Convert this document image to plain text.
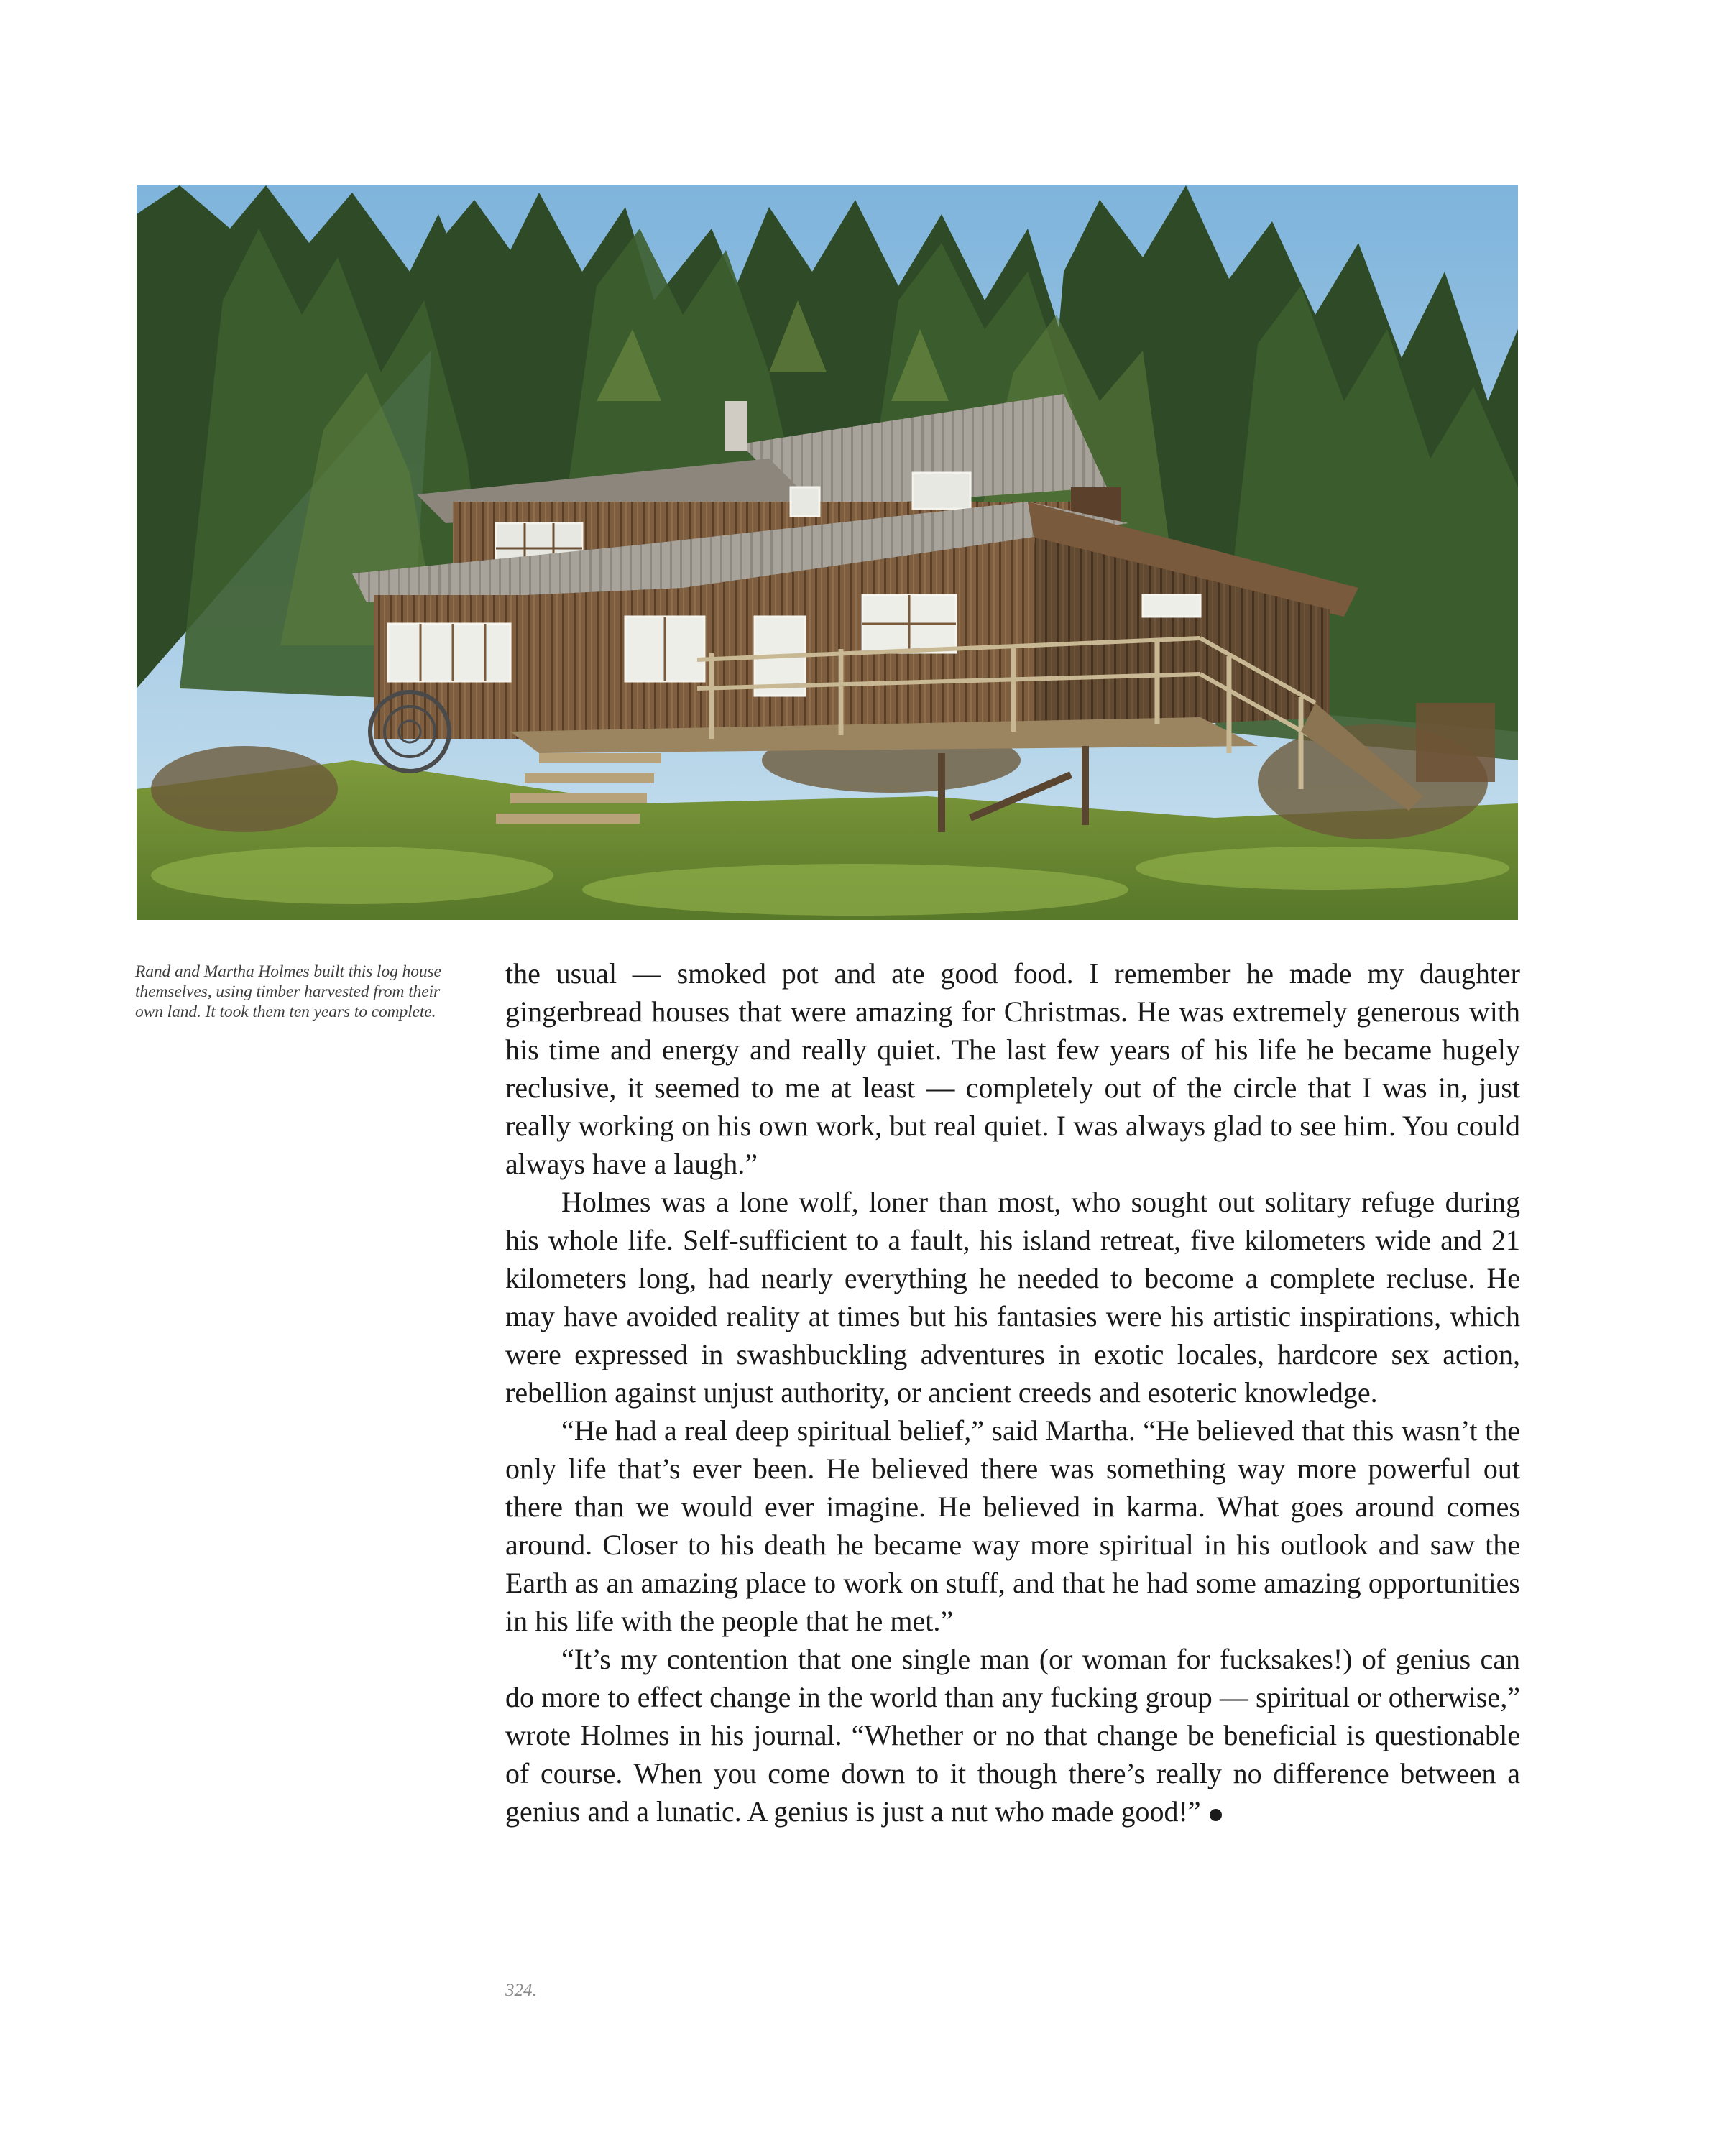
Rand and Martha Holmes built this log house themselves, using timber harvested from their own land. It took them ten years to complete.

the usual — smoked pot and ate good food. I remember he made my daughter gingerbread houses that were amazing for Christmas. He was extremely generous with his time and energy and really quiet. The last few years of his life he became hugely reclusive, it seemed to me at least — completely out of the circle that I was in, just really working on his own work, but real quiet. I was always glad to see him. You could always have a laugh.”

Holmes was a lone wolf, loner than most, who sought out solitary refuge during his whole life. Self-sufficient to a fault, his island retreat, five kilometers wide and 21 kilometers long, had nearly everything he needed to become a complete recluse. He may have avoided reality at times but his fantasies were his artistic inspirations, which were expressed in swashbuckling adventures in exotic locales, hardcore sex action, rebellion against unjust authority, or ancient creeds and esoteric knowledge.

“He had a real deep spiritual belief,” said Martha. “He believed that this wasn’t the only life that’s ever been. He believed there was something way more powerful out there than we would ever imagine. He believed in karma. What goes around comes around. Closer to his death he became way more spiritual in his outlook and saw the Earth as an amazing place to work on stuff, and that he had some amazing opportunities in his life with the people that he met.”

“It’s my contention that one single man (or woman for fucksakes!) of genius can do more to effect change in the world than any fucking group — spiritual or otherwise,” wrote Holmes in his journal. “Whether or no that change be beneficial is questionable of course. When you come down to it though there’s really no difference between a genius and a lunatic. A genius is just a nut who made good!”

324.
